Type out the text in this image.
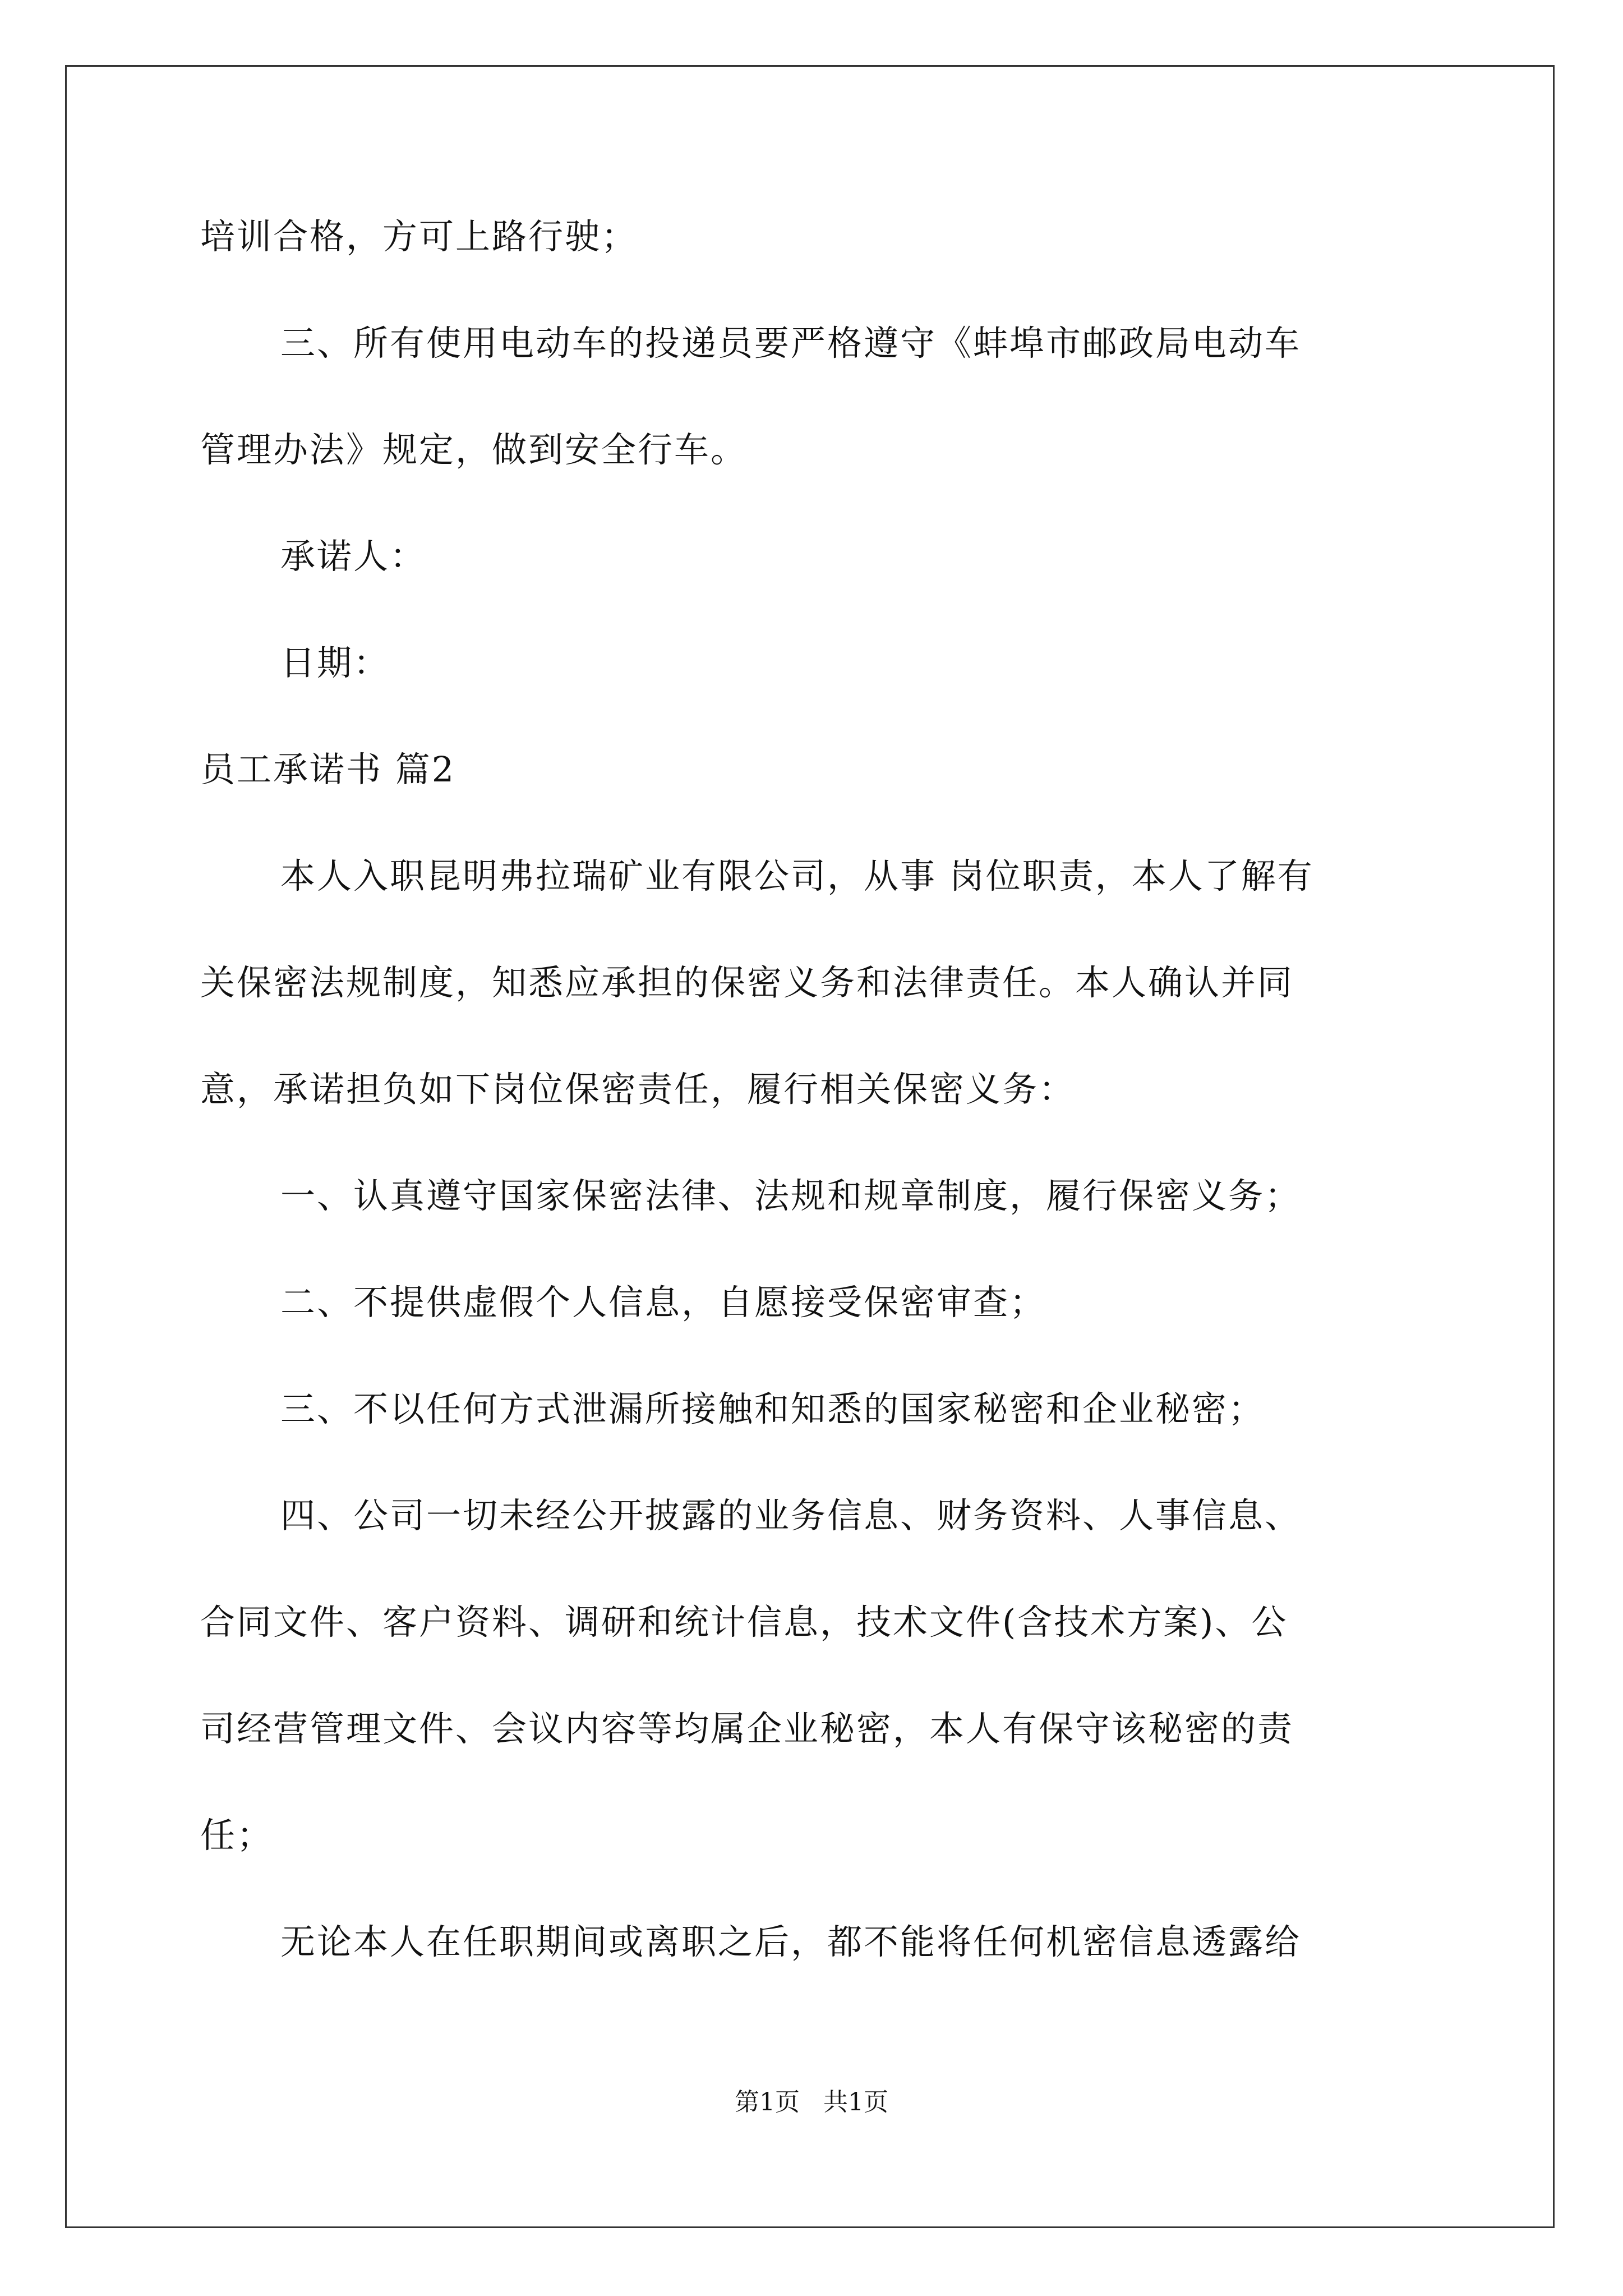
培训合格，方可上路行驶；
三、所有使用电动车的投递员要严格遵守《蚌埠市邮政局电动车
管理办法》规定，做到安全行车。
承诺人：
日期：
员工承诺书 篇2
本人入职昆明弗拉瑞矿业有限公司，从事 岗位职责，本人了解有
关保密法规制度，知悉应承担的保密义务和法律责任。本人确认并同
意，承诺担负如下岗位保密责任，履行相关保密义务：
一、认真遵守国家保密法律、法规和规章制度，履行保密义务；
二、不提供虚假个人信息，自愿接受保密审查；
三、不以任何方式泄漏所接触和知悉的国家秘密和企业秘密；
四、公司一切未经公开披露的业务信息、财务资料、人事信息、
合同文件、客户资料、调研和统计信息，技术文件(含技术方案)、公
司经营管理文件、会议内容等均属企业秘密，本人有保守该秘密的责
任；
无论本人在任职期间或离职之后，都不能将任何机密信息透露给
第1页 共1页
